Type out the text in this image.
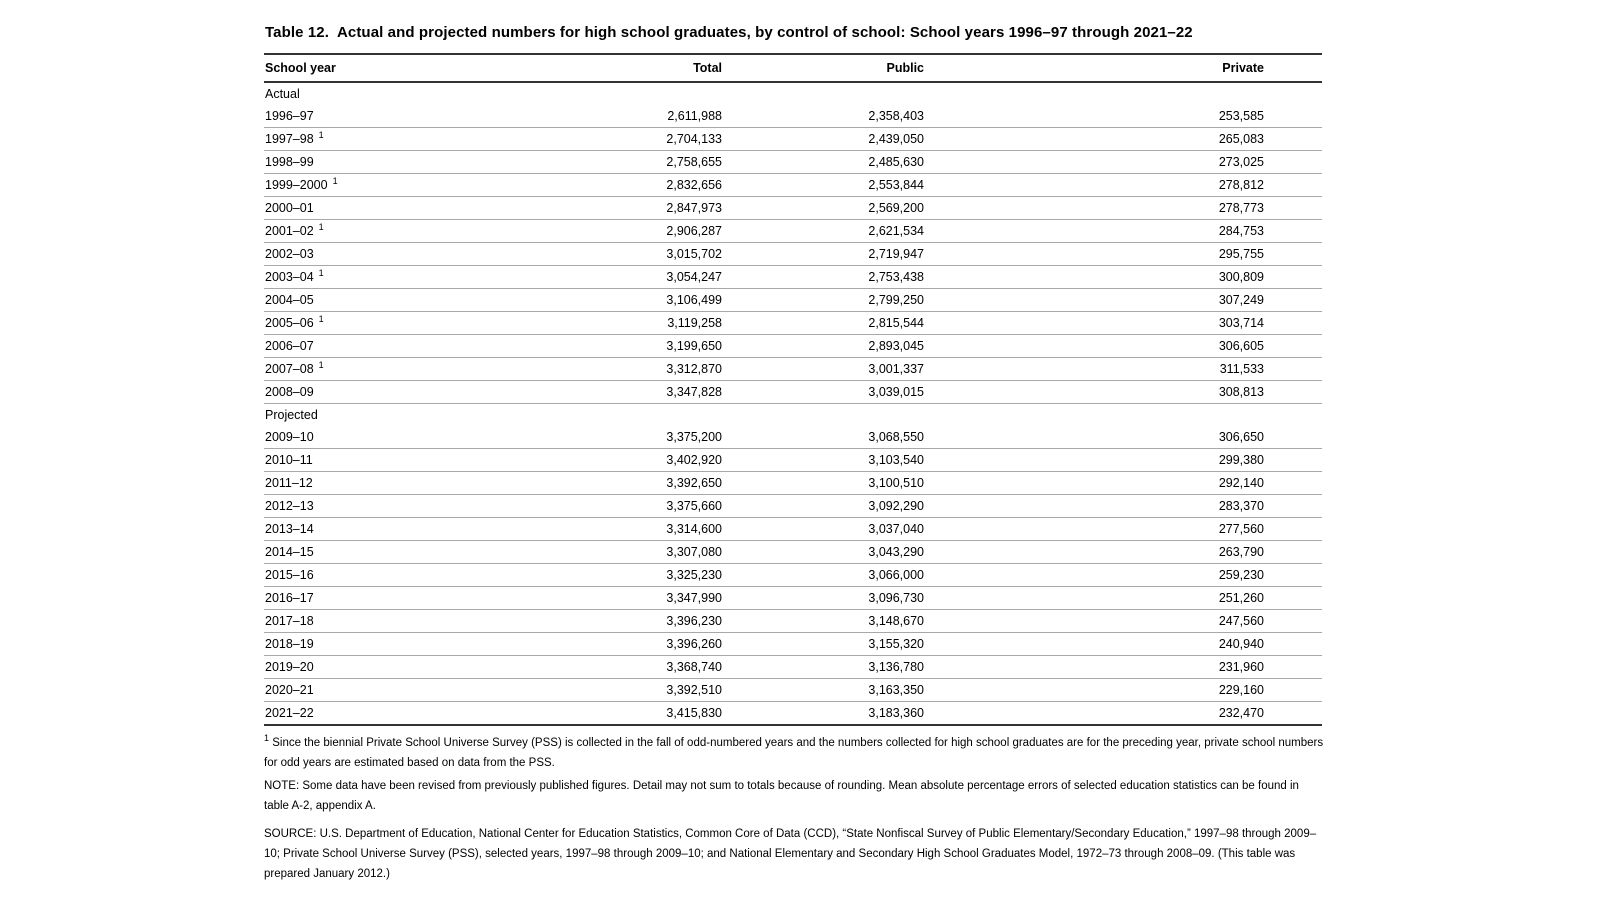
Table 12.  Actual and projected numbers for high school graduates, by control of school: School years 1996–97 through 2021–22
School year	Total	Public	Private
Actual			
1996–97	2,611,988	2,358,403	253,585
1997–98 $^1$	2,704,133	2,439,050	265,083
1998–99	2,758,655	2,485,630	273,025
1999–2000 $^1$	2,832,656	2,553,844	278,812
2000–01	2,847,973	2,569,200	278,773
2001–02 $^1$	2,906,287	2,621,534	284,753
2002–03	3,015,702	2,719,947	295,755
2003–04 $^1$	3,054,247	2,753,438	300,809
2004–05	3,106,499	2,799,250	307,249
2005–06 $^1$	3,119,258	2,815,544	303,714
2006–07	3,199,650	2,893,045	306,605
2007–08 $^1$	3,312,870	3,001,337	311,533
2008–09	3,347,828	3,039,015	308,813
Projected			
2009–10	3,375,200	3,068,550	306,650
2010–11	3,402,920	3,103,540	299,380
2011–12	3,392,650	3,100,510	292,140
2012–13	3,375,660	3,092,290	283,370
2013–14	3,314,600	3,037,040	277,560
2014–15	3,307,080	3,043,290	263,790
2015–16	3,325,230	3,066,000	259,230
2016–17	3,347,990	3,096,730	251,260
2017–18	3,396,230	3,148,670	247,560
2018–19	3,396,260	3,155,320	240,940
2019–20	3,368,740	3,136,780	231,960
2020–21	3,392,510	3,163,350	229,160
2021–22	3,415,830	3,183,360	232,470

$^1$ Since the biennial Private School Universe Survey (PSS) is collected in the fall of odd-numbered years and the numbers collected for high school graduates are for the preceding year, private school numbers for odd years are estimated based on data from the PSS.

NOTE: Some data have been revised from previously published figures. Detail may not sum to totals because of rounding. Mean absolute percentage errors of selected education statistics can be found in table A-2, appendix A.

SOURCE: U.S. Department of Education, National Center for Education Statistics, Common Core of Data (CCD), “State Nonfiscal Survey of Public Elementary/Secondary Education,” 1997–98 through 2009–10; Private School Universe Survey (PSS), selected years, 1997–98 through 2009–10; and National Elementary and Secondary High School Graduates Model, 1972–73 through 2008–09. (This table was prepared January 2012.)
